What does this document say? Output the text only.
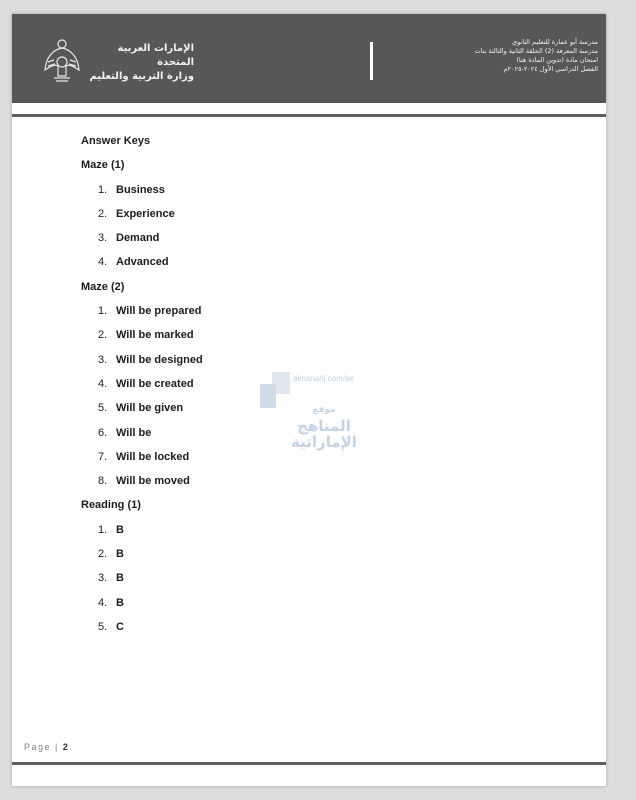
الإمارات العربية المتحدة
وزارة التربية والتعليم
مدرسة أبو عمارة للتعليم الثانوي
مدرسة المعرفة (2) الحلقة الثانية والثالثة بنات
امتحان مادة (تدوين المادة هنا)
الفصل الدراسي الأول ٢٠٢٤-٢٠٢٥م
Answer Keys
Maze (1)
1. Business
2. Experience
3. Demand
4. Advanced
Maze (2)
1. Will be prepared
2. Will be marked
3. Will be designed
4. Will be created
5. Will be given
6. Will be
7. Will be locked
8. Will be moved
Reading (1)
1. B
2. B
3. B
4. B
5. C
almanahj.com/ae
موقع
المناهج الإماراتية
Page | 2
